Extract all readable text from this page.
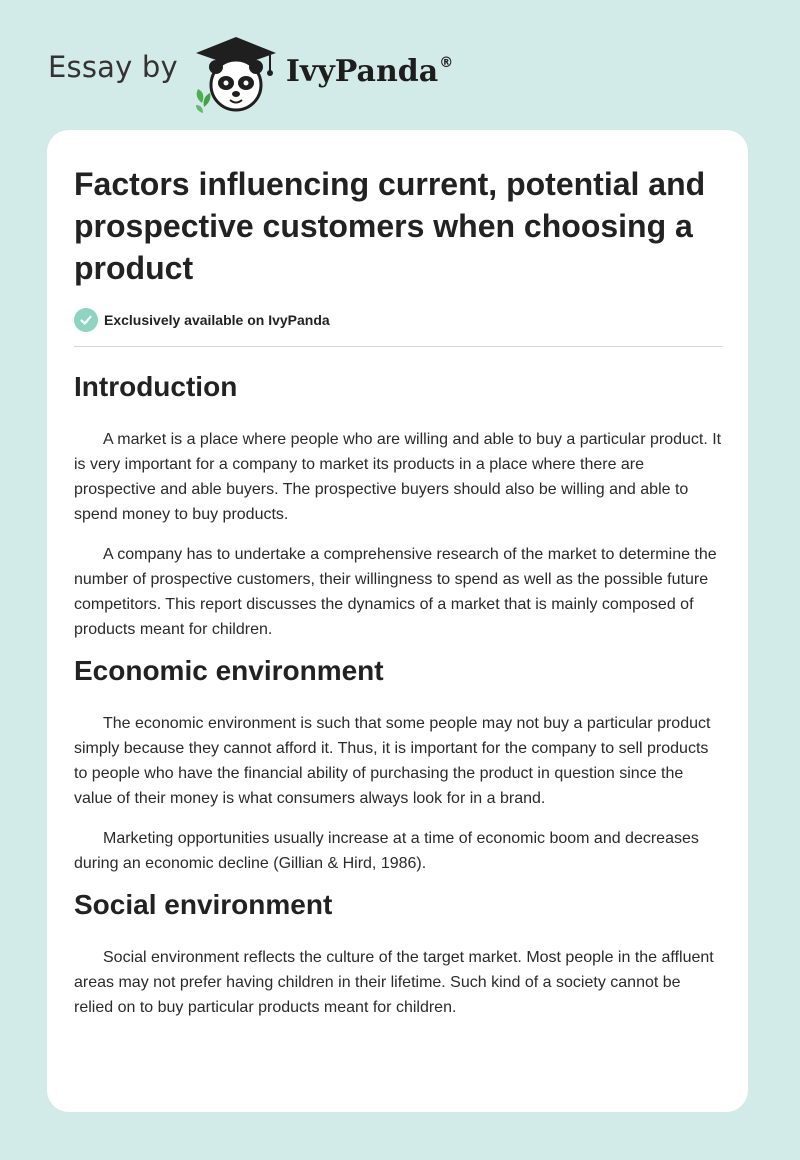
Essay by	IvyPanda®
Factors influencing current, potential and prospective customers when choosing a product
Exclusively available on IvyPanda
Introduction

A market is a place where people who are willing and able to buy a particular product. It is very important for a company to market its products in a place where there are prospective and able buyers. The prospective buyers should also be willing and able to spend money to buy products.

A company has to undertake a comprehensive research of the market to determine the number of prospective customers, their willingness to spend as well as the possible future competitors. This report discusses the dynamics of a market that is mainly composed of products meant for children.

Economic environment

The economic environment is such that some people may not buy a particular product simply because they cannot afford it. Thus, it is important for the company to sell products to people who have the financial ability of purchasing the product in question since the value of their money is what consumers always look for in a brand.

Marketing opportunities usually increase at a time of economic boom and decreases during an economic decline (Gillian & Hird, 1986).

Social environment

Social environment reflects the culture of the target market. Most people in the affluent areas may not prefer having children in their lifetime. Such kind of a society cannot be relied on to buy particular products meant for children.
